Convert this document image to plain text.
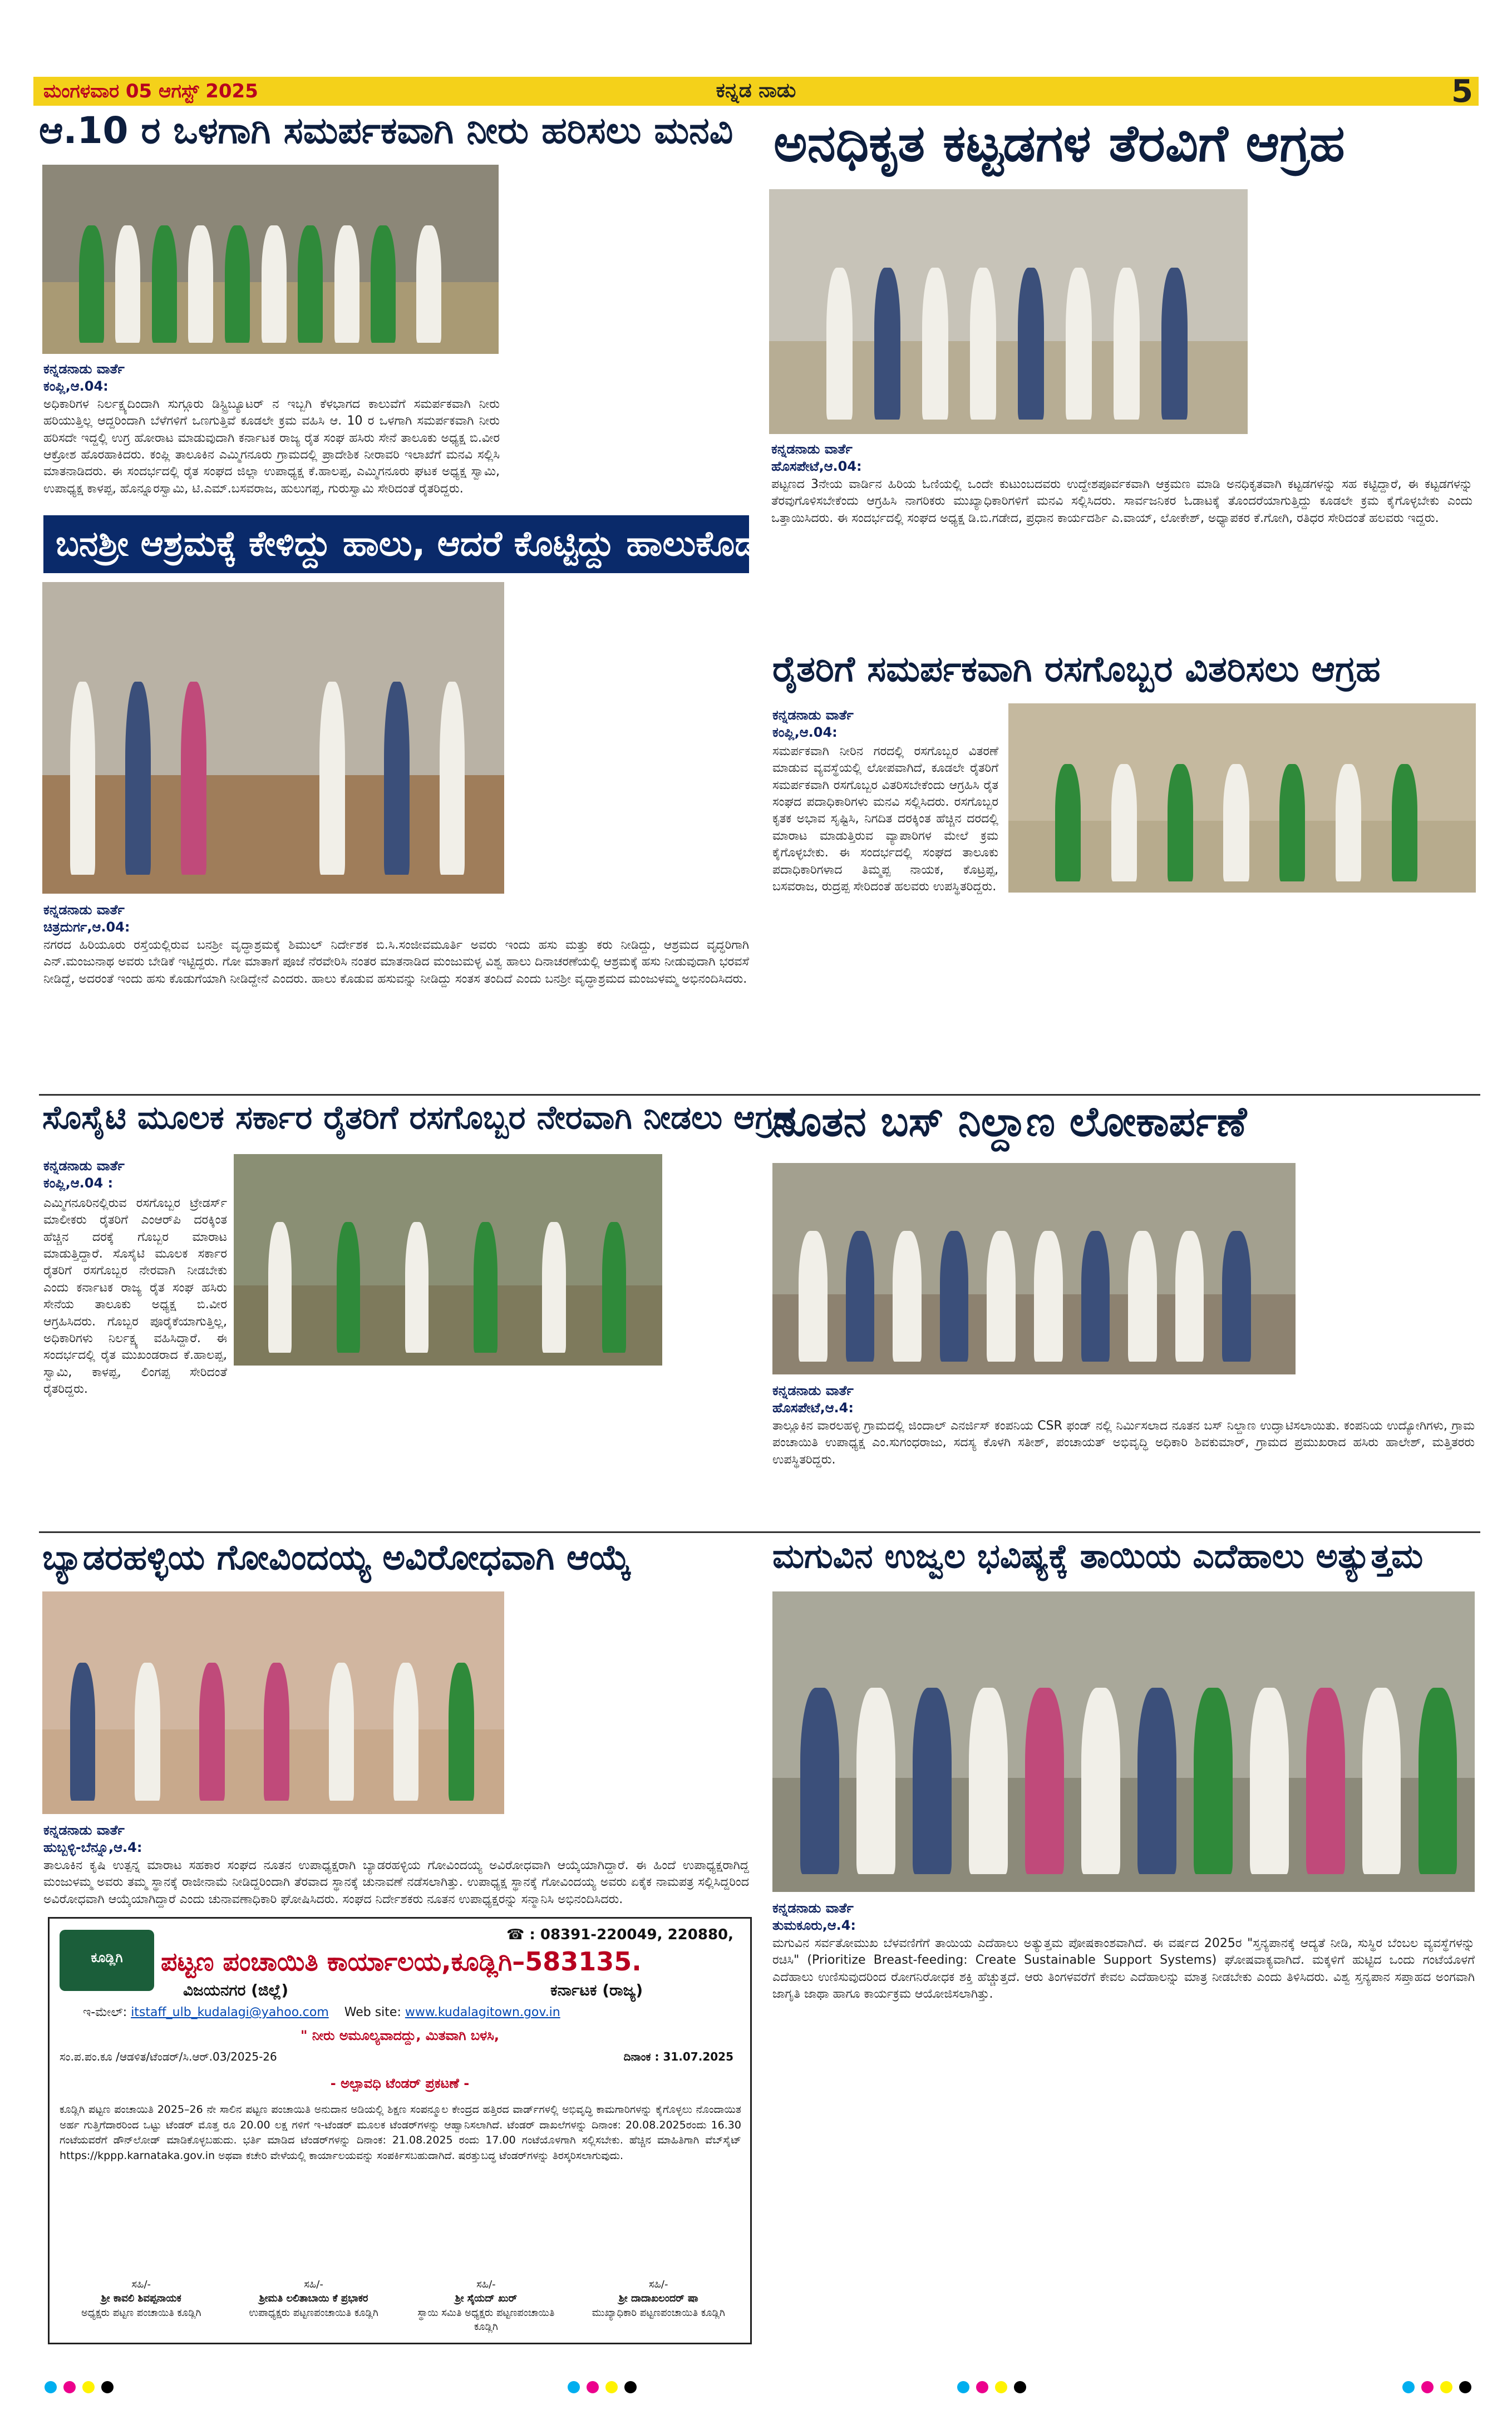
ಮಂಗಳವಾರ 05 ಆಗಸ್ಟ್ 2025	ಕನ್ನಡ ನಾಡು	5
ಆ.10 ರ ಒಳಗಾಗಿ ಸಮರ್ಪಕವಾಗಿ ನೀರು ಹರಿಸಲು ಮನವಿ
ಕನ್ನಡನಾಡು ವಾರ್ತೆ
ಕಂಪ್ಲಿ,ಆ.04:
ಅಧಿಕಾರಿಗಳ ನಿರ್ಲಕ್ಷ್ಯದಿಂದಾಗಿ ಸುಗ್ಗೂರು ಡಿಸ್ಟ್ರಿಬ್ಯೂಟರ್ ನ ಇಬ್ಬಗಿ ಕೆಳಭಾಗದ ಕಾಲುವೆಗೆ ಸಮರ್ಪಕವಾಗಿ ನೀರು ಹರಿಯುತ್ತಿಲ್ಲ ಆದ್ದರಿಂದಾಗಿ ಬೆಳೆಗಳಿಗೆ ಒಣಗುತ್ತಿವೆ ಕೂಡಲೇ ಕ್ರಮ ವಹಿಸಿ ಆ. 10 ರ ಒಳಗಾಗಿ ಸಮರ್ಪಕವಾಗಿ ನೀರು ಹರಿಸದೇ ಇದ್ದಲ್ಲಿ ಉಗ್ರ ಹೋರಾಟ ಮಾಡುವುದಾಗಿ ಕರ್ನಾಟಕ ರಾಜ್ಯ ರೈತ ಸಂಘ ಹಸಿರು ಸೇನೆ ತಾಲೂಕು ಅಧ್ಯಕ್ಷ ಬಿ.ವೀರ ಆಕ್ರೋಶ ಹೊರಹಾಕಿದರು. ಕಂಪ್ಲಿ ತಾಲೂಕಿನ ಎಮ್ಮಿಗನೂರು ಗ್ರಾಮದಲ್ಲಿ ಪ್ರಾದೇಶಿಕ ನೀರಾವರಿ ಇಲಾಖೆಗೆ ಮನವಿ ಸಲ್ಲಿಸಿ ಮಾತನಾಡಿದರು. ಈ ಸಂದರ್ಭದಲ್ಲಿ ರೈತ ಸಂಘದ ಜಿಲ್ಲಾ ಉಪಾಧ್ಯಕ್ಷ ಕೆ.ಹಾಲಪ್ಪ, ಎಮ್ಮಿಗನೂರು ಘಟಕ ಅಧ್ಯಕ್ಷ ಸ್ವಾಮಿ, ಉಪಾಧ್ಯಕ್ಷ ಕಾಳಪ್ಪ, ಹೊನ್ನೂರಸ್ವಾಮಿ, ಟಿ.ಎಮ್.ಬಸವರಾಜ, ಹುಲುಗಪ್ಪ, ಗುರುಸ್ವಾಮಿ ಸೇರಿದಂತೆ ರೈತರಿದ್ದರು.

ಅನಧಿಕೃತ ಕಟ್ಟಡಗಳ ತೆರವಿಗೆ ಆಗ್ರಹ
ಕನ್ನಡನಾಡು ವಾರ್ತೆ
ಹೊಸಪೇಟೆ,ಆ.04:
ಪಟ್ಟಣದ 3ನೇಯ ವಾರ್ಡಿನ ಹಿರಿಯ ಓಣಿಯಲ್ಲಿ ಒಂದೇ ಕುಟುಂಬದವರು ಉದ್ದೇಶಪೂರ್ವಕವಾಗಿ ಆಕ್ರಮಣ ಮಾಡಿ ಅನಧಿಕೃತವಾಗಿ ಕಟ್ಟಡಗಳನ್ನು ಸಹ ಕಟ್ಟಿದ್ದಾರೆ, ಈ ಕಟ್ಟಡಗಳನ್ನು ತೆರವುಗೊಳಿಸಬೇಕೆಂದು ಆಗ್ರಹಿಸಿ ನಾಗರಿಕರು ಮುಖ್ಯಾಧಿಕಾರಿಗಳಿಗೆ ಮನವಿ ಸಲ್ಲಿಸಿದರು. ಸಾರ್ವಜನಿಕರ ಓಡಾಟಕ್ಕೆ ತೊಂದರೆಯಾಗುತ್ತಿದ್ದು ಕೂಡಲೇ ಕ್ರಮ ಕೈಗೊಳ್ಳಬೇಕು ಎಂದು ಒತ್ತಾಯಿಸಿದರು. ಈ ಸಂದರ್ಭದಲ್ಲಿ ಸಂಘದ ಅಧ್ಯಕ್ಷ ಡಿ.ಬಿ.ಗಡೇದ, ಪ್ರಧಾನ ಕಾರ್ಯದರ್ಶಿ ಎ.ವಾಯ್, ಲೋಕೇಶ್, ಅಧ್ಯಾಪಕರ ಕೆ.ಗೋಗಿ, ರತಿಧರ ಸೇರಿದಂತೆ ಹಲವರು ಇದ್ದರು.
ಬನಶ್ರೀ ಆಶ್ರಮಕ್ಕೆ ಕೇಳಿದ್ದು ಹಾಲು, ಆದರೆ ಕೊಟ್ಟಿದ್ದು ಹಾಲುಕೊಡುವ ಹಸುವನ್ನು..
ಕನ್ನಡನಾಡು ವಾರ್ತೆ
ಚಿತ್ರದುರ್ಗ,ಆ.04:
ನಗರದ ಹಿರಿಯೂರು ರಸ್ತೆಯಲ್ಲಿರುವ ಬನಶ್ರೀ ವೃದ್ಧಾಶ್ರಮಕ್ಕೆ ಶಿಮುಲ್ ನಿರ್ದೇಶಕ ಬಿ.ಸಿ.ಸಂಜೀವಮೂರ್ತಿ ಅವರು ಇಂದು ಹಸು ಮತ್ತು ಕರು ನೀಡಿದ್ದು, ಆಶ್ರಮದ ವೃದ್ಧರಿಗಾಗಿ ಎನ್.ಮಂಜುನಾಥ ಅವರು ಬೇಡಿಕೆ ಇಟ್ಟಿದ್ದರು. ಗೋ ಮಾತಾಗೆ ಪೂಜೆ ನೆರವೇರಿಸಿ ನಂತರ ಮಾತನಾಡಿದ ಮಂಜುಮಳ್ಳ ವಿಶ್ವ ಹಾಲು ದಿನಾಚರಣೆಯಲ್ಲಿ ಆಶ್ರಮಕ್ಕೆ ಹಸು ನೀಡುವುದಾಗಿ ಭರವಸೆ ನೀಡಿದ್ದೆ, ಅದರಂತೆ ಇಂದು ಹಸು ಕೊಡುಗೆಯಾಗಿ ನೀಡಿದ್ದೇನೆ ಎಂದರು. ಹಾಲು ಕೊಡುವ ಹಸುವನ್ನು ನೀಡಿದ್ದು ಸಂತಸ ತಂದಿದೆ ಎಂದು ಬನಶ್ರೀ ವೃದ್ಧಾಶ್ರಮದ ಮಂಜುಳಮ್ಮ ಅಭಿನಂದಿಸಿದರು.
ರೈತರಿಗೆ ಸಮರ್ಪಕವಾಗಿ ರಸಗೊಬ್ಬರ ವಿತರಿಸಲು ಆಗ್ರಹ
ಕನ್ನಡನಾಡು ವಾರ್ತೆ
ಕಂಪ್ಲಿ,ಆ.04:
ಸಮರ್ಪಕವಾಗಿ ನೀರಿನ ಗರದಲ್ಲಿ ರಸಗೊಬ್ಬರ ವಿತರಣೆ ಮಾಡುವ ವ್ಯವಸ್ಥೆಯಲ್ಲಿ ಲೋಪವಾಗಿದೆ, ಕೂಡಲೇ ರೈತರಿಗೆ ಸಮರ್ಪಕವಾಗಿ ರಸಗೊಬ್ಬರ ವಿತರಿಸಬೇಕೆಂದು ಆಗ್ರಹಿಸಿ ರೈತ ಸಂಘದ ಪದಾಧಿಕಾರಿಗಳು ಮನವಿ ಸಲ್ಲಿಸಿದರು. ರಸಗೊಬ್ಬರ ಕೃತಕ ಅಭಾವ ಸೃಷ್ಟಿಸಿ, ನಿಗದಿತ ದರಕ್ಕಿಂತ ಹೆಚ್ಚಿನ ದರದಲ್ಲಿ ಮಾರಾಟ ಮಾಡುತ್ತಿರುವ ವ್ಯಾಪಾರಿಗಳ ಮೇಲೆ ಕ್ರಮ ಕೈಗೊಳ್ಳಬೇಕು. ಈ ಸಂದರ್ಭದಲ್ಲಿ ಸಂಘದ ತಾಲೂಕು ಪದಾಧಿಕಾರಿಗಳಾದ ತಿಮ್ಮಪ್ಪ ನಾಯಕ, ಕೊಟ್ರಪ್ಪ, ಬಸವರಾಜ, ರುದ್ರಪ್ಪ ಸೇರಿದಂತೆ ಹಲವರು ಉಪಸ್ಥಿತರಿದ್ದರು.
ಸೊಸೈಟಿ ಮೂಲಕ ಸರ್ಕಾರ ರೈತರಿಗೆ ರಸಗೊಬ್ಬರ ನೇರವಾಗಿ ನೀಡಲು ಆಗ್ರಹ
ಕನ್ನಡನಾಡು ವಾರ್ತೆ
ಕಂಪ್ಲಿ,ಆ.04 :
ಎಮ್ಮಿಗನೂರಿನಲ್ಲಿರುವ ರಸಗೊಬ್ಬರ ಟ್ರೇಡರ್ಸ್ ಮಾಲೀಕರು ರೈತರಿಗೆ ಎಂಆರ್‌ಪಿ ದರಕ್ಕಿಂತ ಹೆಚ್ಚಿನ ದರಕ್ಕೆ ಗೊಬ್ಬರ ಮಾರಾಟ ಮಾಡುತ್ತಿದ್ದಾರೆ. ಸೊಸೈಟಿ ಮೂಲಕ ಸರ್ಕಾರ ರೈತರಿಗೆ ರಸಗೊಬ್ಬರ ನೇರವಾಗಿ ನೀಡಬೇಕು ಎಂದು ಕರ್ನಾಟಕ ರಾಜ್ಯ ರೈತ ಸಂಘ ಹಸಿರು ಸೇನೆಯ ತಾಲೂಕು ಅಧ್ಯಕ್ಷ ಬಿ.ವೀರ ಆಗ್ರಹಿಸಿದರು. ಗೊಬ್ಬರ ಪೂರೈಕೆಯಾಗುತ್ತಿಲ್ಲ, ಅಧಿಕಾರಿಗಳು ನಿರ್ಲಕ್ಷ್ಯ ವಹಿಸಿದ್ದಾರೆ. ಈ ಸಂದರ್ಭದಲ್ಲಿ ರೈತ ಮುಖಂಡರಾದ ಕೆ.ಹಾಲಪ್ಪ, ಸ್ವಾಮಿ, ಕಾಳಪ್ಪ, ಲಿಂಗಪ್ಪ ಸೇರಿದಂತೆ ರೈತರಿದ್ದರು.
ನೂತನ ಬಸ್ ನಿಲ್ದಾಣ ಲೋಕಾರ್ಪಣೆ
ಕನ್ನಡನಾಡು ವಾರ್ತೆ
ಹೊಸಪೇಟೆ,ಆ.4:
ತಾಲ್ಲೂಕಿನ ವಾರಲಹಳ್ಳಿ ಗ್ರಾಮದಲ್ಲಿ ಜಿಂದಾಲ್ ಎನರ್ಜಿಸ್ ಕಂಪನಿಯ CSR ಫಂಡ್ ನಲ್ಲಿ ನಿರ್ಮಿಸಲಾದ ನೂತನ ಬಸ್ ನಿಲ್ದಾಣ ಉದ್ಘಾಟಿಸಲಾಯಿತು. ಕಂಪನಿಯ ಉದ್ಯೋಗಿಗಳು, ಗ್ರಾಮ ಪಂಚಾಯಿತಿ ಉಪಾಧ್ಯಕ್ಷ ಎಂ.ಸುಗಂಧರಾಜು, ಸದಸ್ಯ ಕೊಳಗಿ ಸತೀಶ್, ಪಂಚಾಯತ್ ಅಭಿವೃದ್ಧಿ ಅಧಿಕಾರಿ ಶಿವಕುಮಾರ್, ಗ್ರಾಮದ ಪ್ರಮುಖರಾದ ಹಸಿರು ಹಾಲೇಶ್, ಮತ್ತಿತರರು ಉಪಸ್ಥಿತರಿದ್ದರು.
ಬ್ಯಾಡರಹಳ್ಳಿಯ ಗೋವಿಂದಯ್ಯ ಅವಿರೋಧವಾಗಿ ಆಯ್ಕೆ
ಕನ್ನಡನಾಡು ವಾರ್ತೆ
ಹುಬ್ಬಳ್ಳಿ-ಬೆನ್ನೂ,ಆ.4:
ತಾಲೂಕಿನ ಕೃಷಿ ಉತ್ಪನ್ನ ಮಾರಾಟ ಸಹಕಾರ ಸಂಘದ ನೂತನ ಉಪಾಧ್ಯಕ್ಷರಾಗಿ ಬ್ಯಾಡರಹಳ್ಳಿಯ ಗೋವಿಂದಯ್ಯ ಅವಿರೋಧವಾಗಿ ಆಯ್ಕೆಯಾಗಿದ್ದಾರೆ. ಈ ಹಿಂದೆ ಉಪಾಧ್ಯಕ್ಷರಾಗಿದ್ದ ಮಂಜುಳಮ್ಮ ಅವರು ತಮ್ಮ ಸ್ಥಾನಕ್ಕೆ ರಾಜೀನಾಮೆ ನೀಡಿದ್ದರಿಂದಾಗಿ ತೆರವಾದ ಸ್ಥಾನಕ್ಕೆ ಚುನಾವಣೆ ನಡೆಸಲಾಗಿತ್ತು. ಉಪಾಧ್ಯಕ್ಷ ಸ್ಥಾನಕ್ಕೆ ಗೋವಿಂದಯ್ಯ ಅವರು ಏಕೈಕ ನಾಮಪತ್ರ ಸಲ್ಲಿಸಿದ್ದರಿಂದ ಅವಿರೋಧವಾಗಿ ಆಯ್ಕೆಯಾಗಿದ್ದಾರೆ ಎಂದು ಚುನಾವಣಾಧಿಕಾರಿ ಘೋಷಿಸಿದರು. ಸಂಘದ ನಿರ್ದೇಶಕರು ನೂತನ ಉಪಾಧ್ಯಕ್ಷರನ್ನು ಸನ್ಮಾನಿಸಿ ಅಭಿನಂದಿಸಿದರು.
ಮಗುವಿನ ಉಜ್ವಲ ಭವಿಷ್ಯಕ್ಕೆ ತಾಯಿಯ ಎದೆಹಾಲು ಅತ್ಯುತ್ತಮ
ಕನ್ನಡನಾಡು ವಾರ್ತೆ
ತುಮಕೂರು,ಆ.4:
ಮಗುವಿನ ಸರ್ವತೋಮುಖ ಬೆಳವಣಿಗೆಗೆ ತಾಯಿಯ ಎದೆಹಾಲು ಅತ್ಯುತ್ತಮ ಪೋಷಕಾಂಶವಾಗಿದೆ. ಈ ವರ್ಷದ 2025ರ "ಸ್ತನ್ಯಪಾನಕ್ಕೆ ಆದ್ಯತೆ ನೀಡಿ, ಸುಸ್ಥಿರ ಬೆಂಬಲ ವ್ಯವಸ್ಥೆಗಳನ್ನು ರಚಿಸಿ" (Prioritize Breast-feeding: Create Sustainable Support Systems) ಘೋಷವಾಕ್ಯವಾಗಿದೆ. ಮಕ್ಕಳಿಗೆ ಹುಟ್ಟಿದ ಒಂದು ಗಂಟೆಯೊಳಗೆ ಎದೆಹಾಲು ಉಣಿಸುವುದರಿಂದ ರೋಗನಿರೋಧಕ ಶಕ್ತಿ ಹೆಚ್ಚುತ್ತದೆ. ಆರು ತಿಂಗಳವರೆಗೆ ಕೇವಲ ಎದೆಹಾಲನ್ನು ಮಾತ್ರ ನೀಡಬೇಕು ಎಂದು ತಿಳಿಸಿದರು. ವಿಶ್ವ ಸ್ತನ್ಯಪಾನ ಸಪ್ತಾಹದ ಅಂಗವಾಗಿ ಜಾಗೃತಿ ಜಾಥಾ ಹಾಗೂ ಕಾರ್ಯಕ್ರಮ ಆಯೋಜಿಸಲಾಗಿತ್ತು.
☎ : 08391-220049, 220880,
ಕೂಡ್ಲಿಗಿ	ಪಟ್ಟಣ ಪಂಚಾಯಿತಿ ಕಾರ್ಯಾಲಯ,ಕೂಡ್ಲಿಗಿ–583135.
ವಿಜಯನಗರ (ಜಿಲ್ಲೆ)	ಕರ್ನಾಟಕ (ರಾಜ್ಯ)
ಇ-ಮೇಲ್: itstaff_ulb_kudalagi@yahoo.com Web site: www.kudalagitown.gov.in
" ನೀರು ಅಮೂಲ್ಯವಾದದ್ದು, ಮಿತವಾಗಿ ಬಳಸಿ,
ಸಂ.ಪ.ಪಂ.ಕೂ /ಆಡಳಿತ/ಟೆಂಡರ್/ಸಿ.ಆರ್.03/2025-26	ದಿನಾಂಕ : 31.07.2025
- ಅಲ್ಪಾವಧಿ ಟೆಂಡರ್ ಪ್ರಕಟಣೆ -
ಕೂಡ್ಲಿಗಿ ಪಟ್ಟಣ ಪಂಚಾಯಿತಿ 2025–26 ನೇ ಸಾಲಿನ ಪಟ್ಟಣ ಪಂಚಾಯಿತಿ ಅನುದಾನ ಅಡಿಯಲ್ಲಿ ಶಿಕ್ಷಣ ಸಂಪನ್ಮೂಲ ಕೇಂದ್ರದ ಹತ್ತಿರದ ವಾರ್ಡ್‌ಗಳಲ್ಲಿ ಅಭಿವೃದ್ಧಿ ಕಾಮಗಾರಿಗಳನ್ನು ಕೈಗೊಳ್ಳಲು ನೊಂದಾಯಿತ ಅರ್ಹ ಗುತ್ತಿಗೆದಾರರಿಂದ ಒಟ್ಟು ಟೆಂಡರ್ ಮೊತ್ತ ರೂ 20.00 ಲಕ್ಷ ಗಳಿಗೆ ಇ-ಟೆಂಡರ್ ಮೂಲಕ ಟೆಂಡರ್‌ಗಳನ್ನು ಆಹ್ವಾನಿಸಲಾಗಿದೆ. ಟೆಂಡರ್ ದಾಖಲೆಗಳನ್ನು ದಿನಾಂಕ: 20.08.2025ರಂದು 16.30 ಗಂಟೆಯವರೆಗೆ ಡೌನ್‌ಲೋಡ್ ಮಾಡಿಕೊಳ್ಳಬಹುದು. ಭರ್ತಿ ಮಾಡಿದ ಟೆಂಡರ್‌ಗಳನ್ನು ದಿನಾಂಕ: 21.08.2025 ರಂದು 17.00 ಗಂಟೆಯೊಳಗಾಗಿ ಸಲ್ಲಿಸಬೇಕು. ಹೆಚ್ಚಿನ ಮಾಹಿತಿಗಾಗಿ ವೆಬ್‌ಸೈಟ್ https://kppp.karnataka.gov.in ಅಥವಾ ಕಚೇರಿ ವೇಳೆಯಲ್ಲಿ ಕಾರ್ಯಾಲಯವನ್ನು ಸಂಪರ್ಕಿಸಬಹುದಾಗಿದೆ. ಷರತ್ತುಬದ್ಧ ಟೆಂಡರ್‌ಗಳನ್ನು ತಿರಸ್ಕರಿಸಲಾಗುವುದು.
ಸಹಿ/-
ಶ್ರೀ ಕಾವಲಿ ಶಿವಪ್ಪನಾಯಕ
ಅಧ್ಯಕ್ಷರು ಪಟ್ಟಣ ಪಂಚಾಯಿತಿ ಕೂಡ್ಲಿಗಿ
ಸಹಿ/-
ಶ್ರೀಮತಿ ಲಲಿತಾಬಾಯಿ ಕೆ ಪ್ರಭಾಕರ
ಉಪಾಧ್ಯಕ್ಷರು ಪಟ್ಟಣಪಂಚಾಯಿತಿ ಕೂಡ್ಲಿಗಿ
ಸಹಿ/-
ಶ್ರೀ ಸೈಯದ್ ಖುರ್
ಸ್ಥಾಯಿ ಸಮಿತಿ ಅಧ್ಯಕ್ಷರು ಪಟ್ಟಣಪಂಚಾಯಿತಿ ಕೂಡ್ಲಿಗಿ
ಸಹಿ/-
ಶ್ರೀ ದಾದಾಖಲಂದರ್ ಷಾ
ಮುಖ್ಯಾಧಿಕಾರಿ ಪಟ್ಟಣಪಂಚಾಯಿತಿ ಕೂಡ್ಲಿಗಿ
